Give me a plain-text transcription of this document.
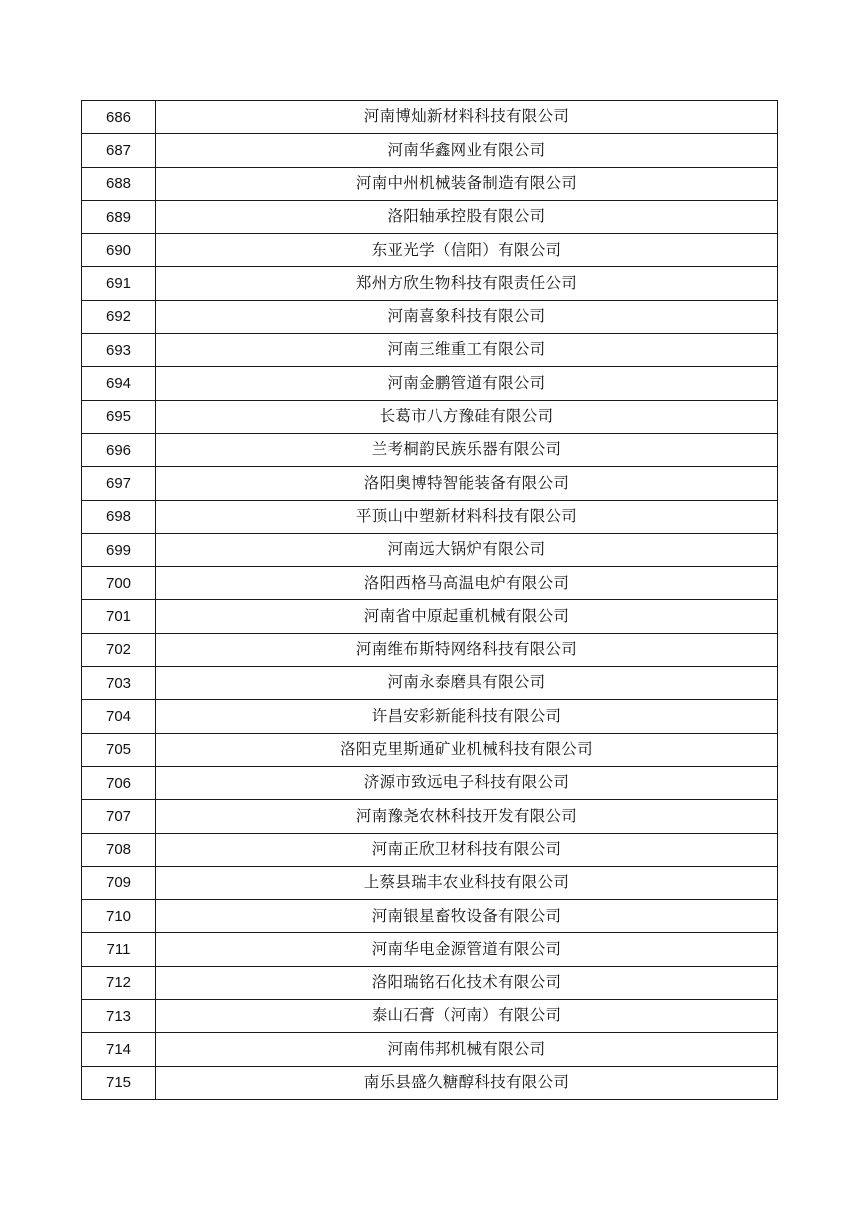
686	河南博灿新材料科技有限公司
687	河南华鑫网业有限公司
688	河南中州机械装备制造有限公司
689	洛阳轴承控股有限公司
690	东亚光学（信阳）有限公司
691	郑州方欣生物科技有限责任公司
692	河南喜象科技有限公司
693	河南三维重工有限公司
694	河南金鹏管道有限公司
695	长葛市八方豫硅有限公司
696	兰考桐韵民族乐器有限公司
697	洛阳奥博特智能装备有限公司
698	平顶山中塑新材料科技有限公司
699	河南远大锅炉有限公司
700	洛阳西格马高温电炉有限公司
701	河南省中原起重机械有限公司
702	河南维布斯特网络科技有限公司
703	河南永泰磨具有限公司
704	许昌安彩新能科技有限公司
705	洛阳克里斯通矿业机械科技有限公司
706	济源市致远电子科技有限公司
707	河南豫尧农林科技开发有限公司
708	河南正欣卫材科技有限公司
709	上蔡县瑞丰农业科技有限公司
710	河南银星畜牧设备有限公司
711	河南华电金源管道有限公司
712	洛阳瑞铭石化技术有限公司
713	泰山石膏（河南）有限公司
714	河南伟邦机械有限公司
715	南乐县盛久糖醇科技有限公司
